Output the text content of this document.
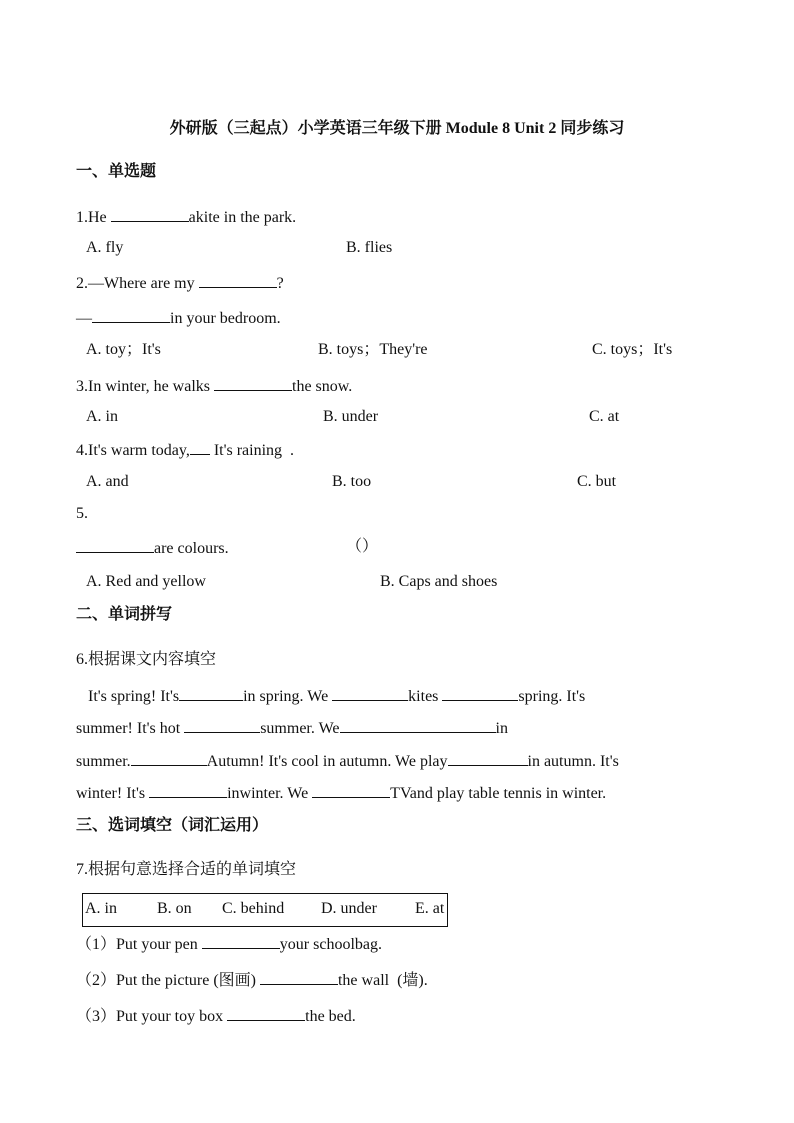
外研版（三起点）小学英语三年级下册 Module 8 Unit 2 同步练习
一、单选题
1.He	akite in the park.
A. fly	B. flies
2.—Where are my	?
—	in your bedroom.
A. toy；It's	B. toys；They're	C. toys；It's
3.In winter, he walks	the snow.
A. in	B. under	C. at
4.It's warm today, It's raining  .
A. and	B. too	C. but
5.
are colours.	（）
A. Red and yellow	B. Caps and shoes
二、单词拼写
6.根据课文内容填空
It's spring! It's	in spring. We	kites	spring. It's
summer! It's hot	summer. We	in
summer.	Autumn! It's cool in autumn. We play	in autumn. It's
winter! It's	inwinter. We	TVand play table tennis in winter.
三、选词填空（词汇运用）
7.根据句意选择合适的单词填空
A. in	B. on C. behind D. under E. at
（1）Put your pen	your schoolbag.
（2）Put the picture (图画)	the wall  (墙).
（3）Put your toy box	the bed.
